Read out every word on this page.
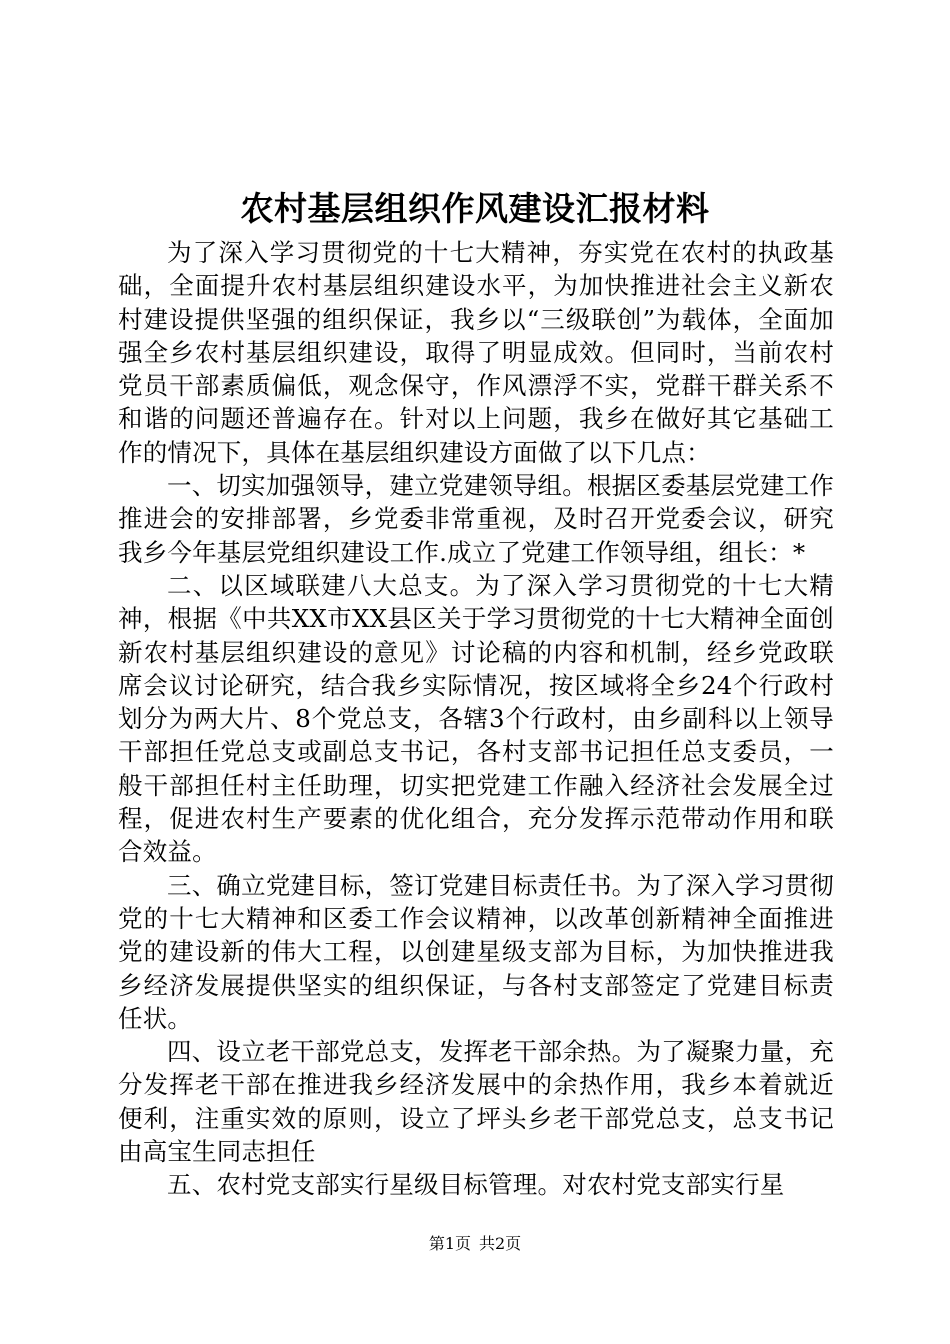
农村基层组织作风建设汇报材料

为了深入学习贯彻党的十七大精神，夯实党在农村的执政基础，全面提升农村基层组织建设水平，为加快推进社会主义新农村建设提供坚强的组织保证，我乡以“三级联创”为载体，全面加强全乡农村基层组织建设，取得了明显成效。但同时，当前农村党员干部素质偏低，观念保守，作风漂浮不实，党群干群关系不和谐的问题还普遍存在。针对以上问题，我乡在做好其它基础工作的情况下，具体在基层组织建设方面做了以下几点：

一、切实加强领导，建立党建领导组。根据区委基层党建工作推进会的安排部署，乡党委非常重视，及时召开党委会议，研究我乡今年基层党组织建设工作.成立了党建工作领导组，组长：*

二、以区域联建八大总支。为了深入学习贯彻党的十七大精神，根据《中共XX市XX县区关于学习贯彻党的十七大精神全面创新农村基层组织建设的意见》讨论稿的内容和机制，经乡党政联席会议讨论研究，结合我乡实际情况，按区域将全乡24个行政村划分为两大片、8个党总支，各辖3个行政村，由乡副科以上领导干部担任党总支或副总支书记，各村支部书记担任总支委员，一般干部担任村主任助理，切实把党建工作融入经济社会发展全过程，促进农村生产要素的优化组合，充分发挥示范带动作用和联合效益。

三、确立党建目标，签订党建目标责任书。为了深入学习贯彻党的十七大精神和区委工作会议精神，以改革创新精神全面推进党的建设新的伟大工程，以创建星级支部为目标，为加快推进我乡经济发展提供坚实的组织保证，与各村支部签定了党建目标责任状。

四、设立老干部党总支，发挥老干部余热。为了凝聚力量，充分发挥老干部在推进我乡经济发展中的余热作用，我乡本着就近便利，注重实效的原则，设立了坪头乡老干部党总支，总支书记由高宝生同志担任

五、农村党支部实行星级目标管理。对农村党支部实行星

第1页 共2页
